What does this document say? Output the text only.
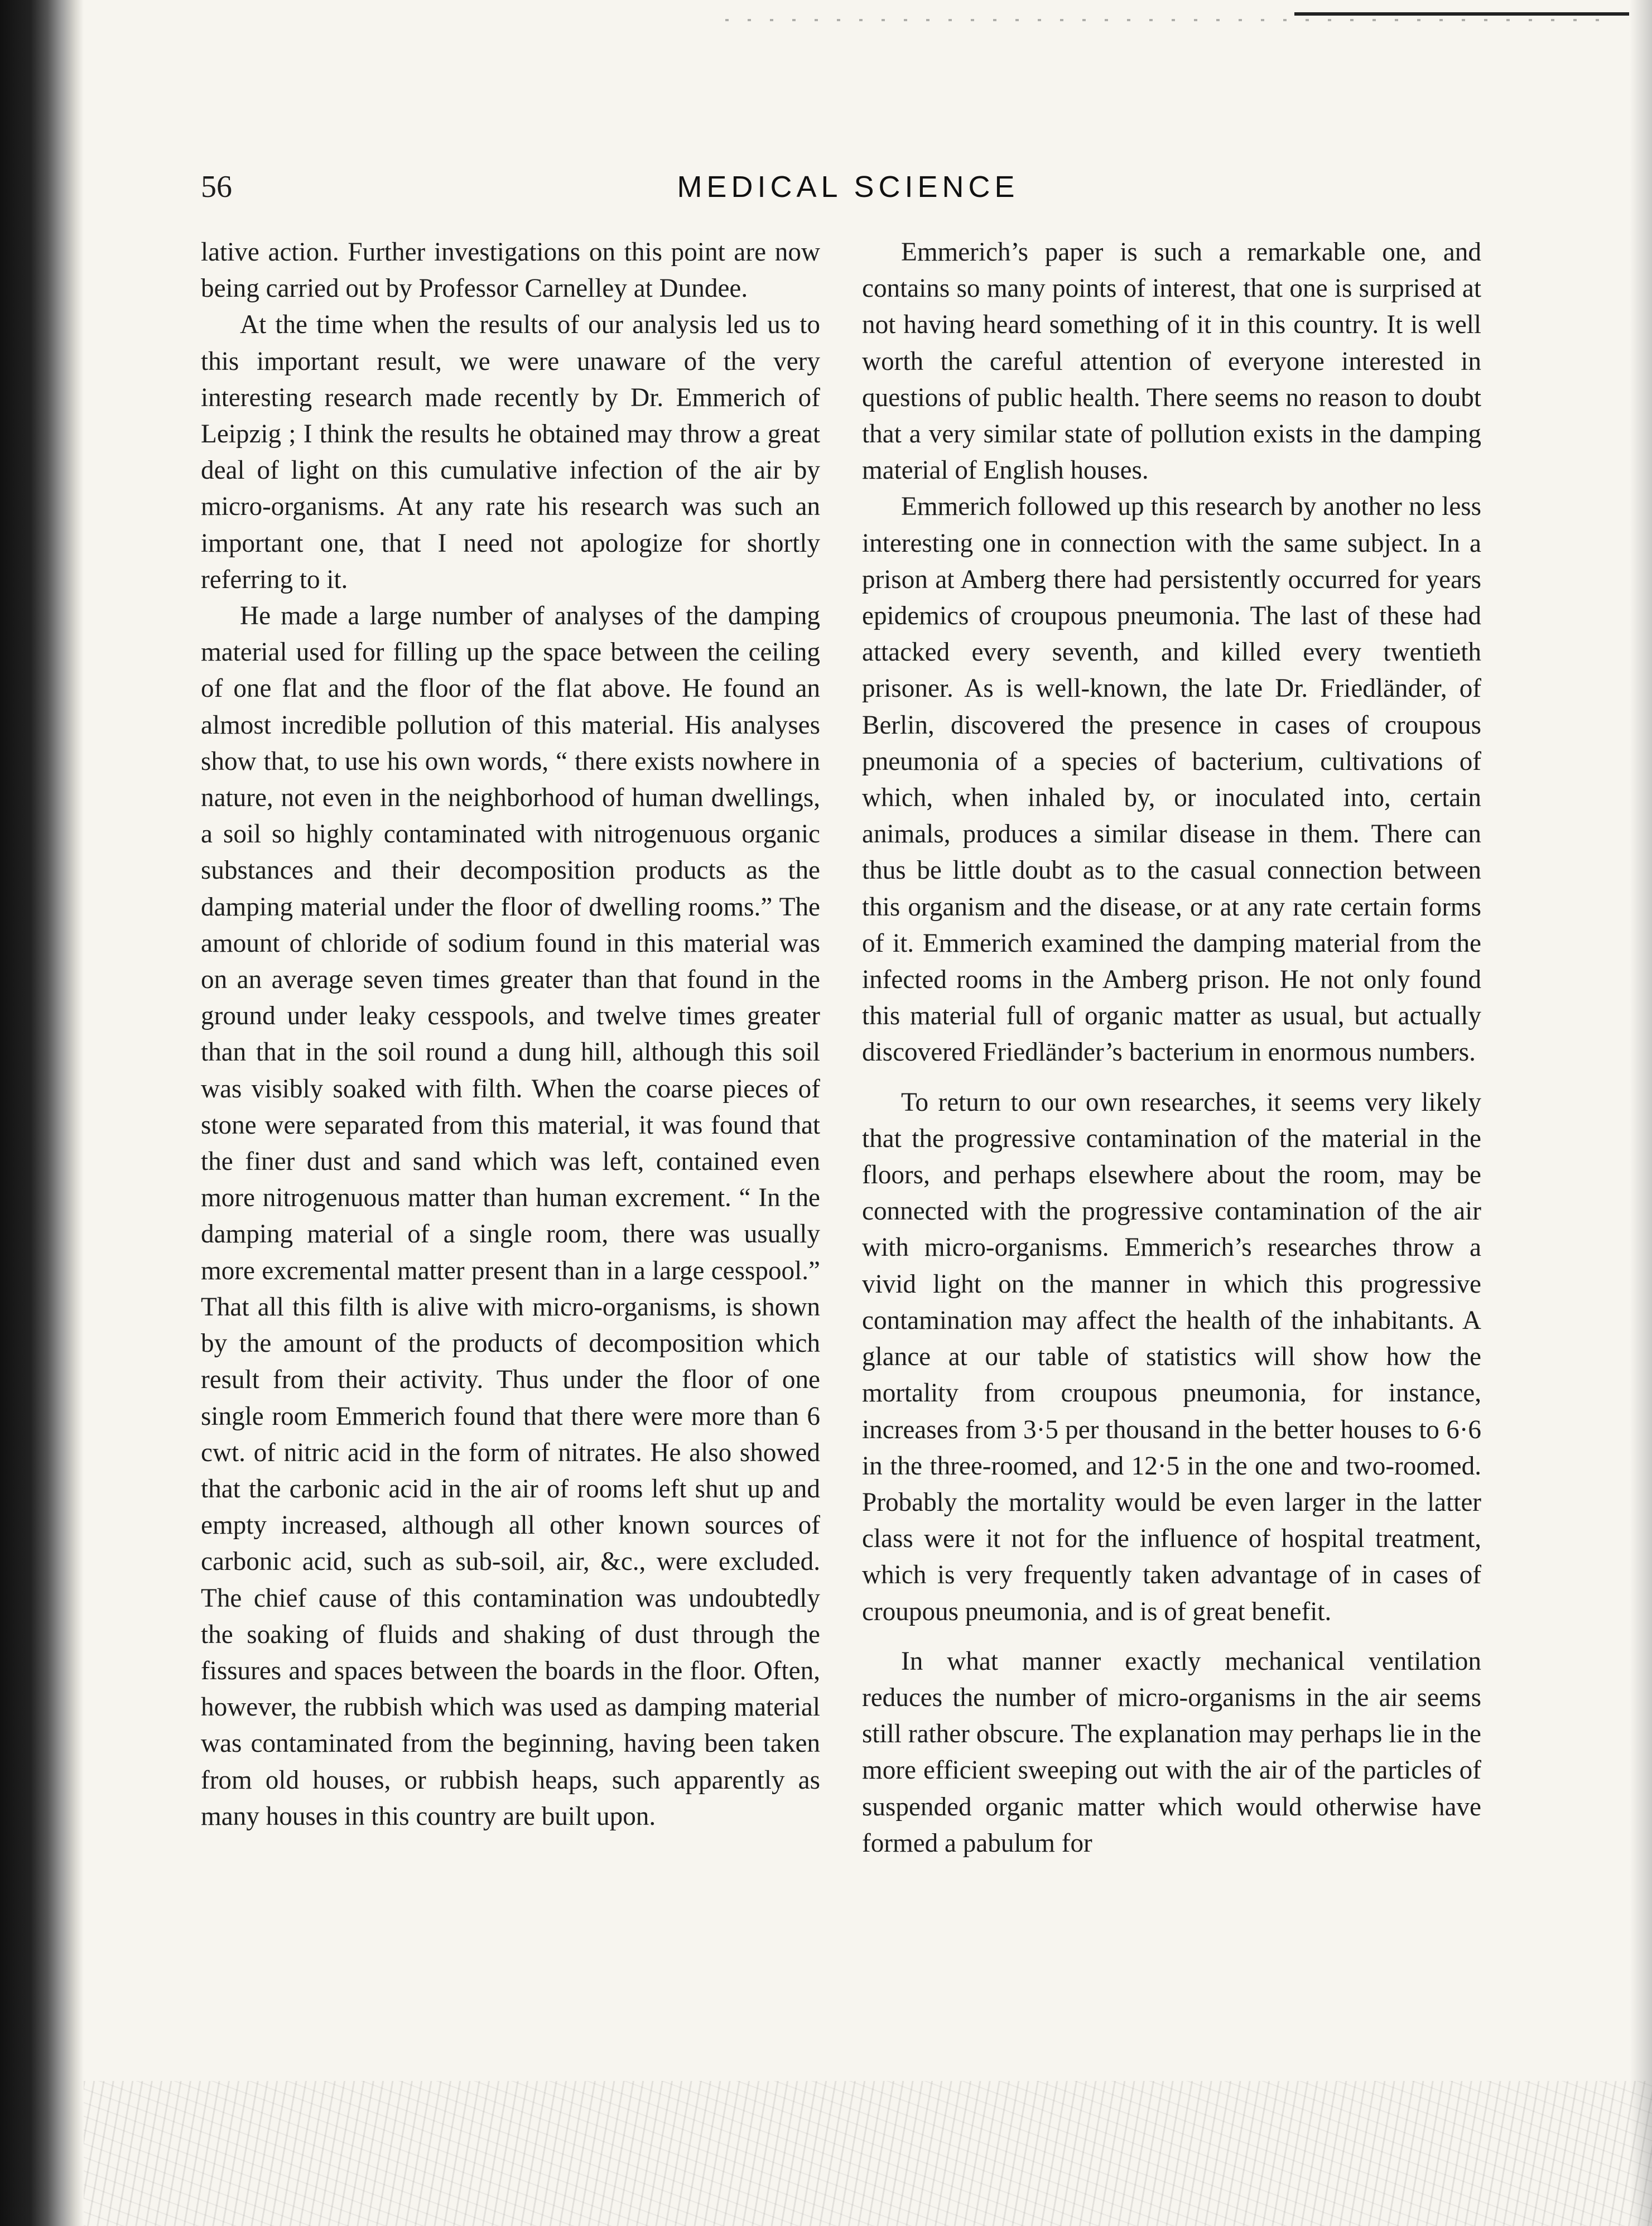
56	MEDICAL SCIENCE

lative action. Further investigations on this point are now being carried out by Professor Carnelley at Dundee.

At the time when the results of our analysis led us to this important result, we were unaware of the very interesting research made recently by Dr. Emmerich of Leipzig ; I think the results he obtained may throw a great deal of light on this cumulative infection of the air by micro-organisms. At any rate his research was such an important one, that I need not apologize for shortly referring to it.

He made a large number of analyses of the damping material used for filling up the space between the ceiling of one flat and the floor of the flat above. He found an almost incredible pollution of this material. His analyses show that, to use his own words, “ there exists nowhere in nature, not even in the neighborhood of human dwellings, a soil so highly contaminated with nitrogenuous organic substances and their decomposition products as the damping material under the floor of dwelling rooms.” The amount of chloride of sodium found in this material was on an average seven times greater than that found in the ground under leaky cesspools, and twelve times greater than that in the soil round a dung hill, although this soil was visibly soaked with filth. When the coarse pieces of stone were separated from this material, it was found that the finer dust and sand which was left, contained even more nitrogenuous matter than human excrement. “ In the damping material of a single room, there was usually more excremental matter present than in a large cesspool.” That all this filth is alive with micro-organisms, is shown by the amount of the products of decomposition which result from their activity. Thus under the floor of one single room Emmerich found that there were more than 6 cwt. of nitric acid in the form of nitrates. He also showed that the carbonic acid in the air of rooms left shut up and empty increased, although all other known sources of carbonic acid, such as sub-soil, air, &c., were excluded. The chief cause of this contamination was undoubtedly the soaking of fluids and shaking of dust through the fissures and spaces between the boards in the floor. Often, however, the rubbish which was used as damping material was contaminated from the beginning, having been taken from old houses, or rubbish heaps, such apparently as many houses in this country are built upon.

Emmerich’s paper is such a remarkable one, and contains so many points of interest, that one is surprised at not having heard something of it in this country. It is well worth the careful attention of everyone interested in questions of public health. There seems no reason to doubt that a very similar state of pollution exists in the damping material of English houses.

Emmerich followed up this research by another no less interesting one in connection with the same subject. In a prison at Amberg there had persistently occurred for years epidemics of croupous pneumonia. The last of these had attacked every seventh, and killed every twentieth prisoner. As is well-known, the late Dr. Friedländer, of Berlin, discovered the presence in cases of croupous pneumonia of a species of bacterium, cultivations of which, when inhaled by, or inoculated into, certain animals, produces a similar disease in them. There can thus be little doubt as to the casual connection between this organism and the disease, or at any rate certain forms of it. Emmerich examined the damping material from the infected rooms in the Amberg prison. He not only found this material full of organic matter as usual, but actually discovered Friedländer’s bacterium in enormous numbers.

To return to our own researches, it seems very likely that the progressive contamination of the material in the floors, and perhaps elsewhere about the room, may be connected with the progressive contamination of the air with micro-organisms. Emmerich’s researches throw a vivid light on the manner in which this progressive contamination may affect the health of the inhabitants. A glance at our table of statistics will show how the mortality from croupous pneumonia, for instance, increases from 3·5 per thousand in the better houses to 6·6 in the three-roomed, and 12·5 in the one and two-roomed. Probably the mortality would be even larger in the latter class were it not for the influence of hospital treatment, which is very frequently taken advantage of in cases of croupous pneumonia, and is of great benefit.

In what manner exactly mechanical ventilation reduces the number of micro-organisms in the air seems still rather obscure. The explanation may perhaps lie in the more efficient sweeping out with the air of the particles of suspended organic matter which would otherwise have formed a pabulum for
